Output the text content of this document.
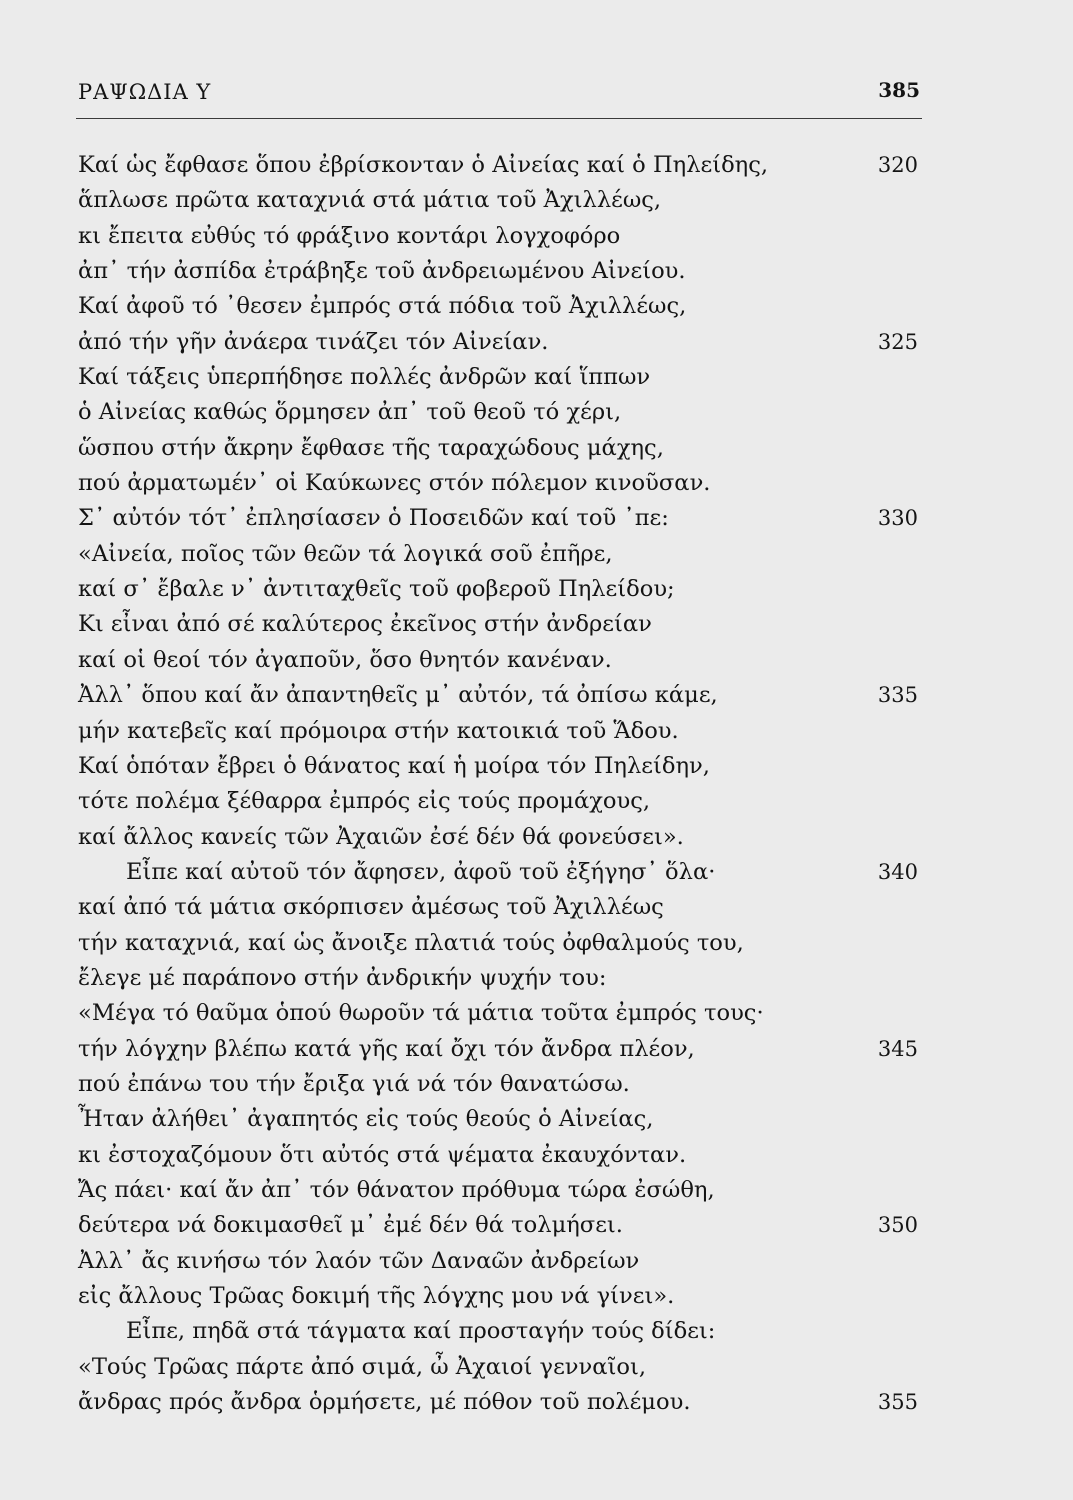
ΡΑΨΩΔΙΑ Υ	385
Καί ὡς ἔφθασε ὅπου ἐβρίσκονταν ὁ Αἰνείας καί ὁ Πηλείδης,	320
ἅπλωσε πρῶτα καταχνιά στά μάτια τοῦ Ἀχιλλέως,
κι ἔπειτα εὐθύς τό φράξινο κοντάρι λογχοφόρο
ἀπ᾽ τήν ἀσπίδα ἐτράβηξε τοῦ ἀνδρειωμένου Αἰνείου.
Καί ἀφοῦ τό ᾽θεσεν ἐμπρός στά πόδια τοῦ Ἀχιλλέως,
ἀπό τήν γῆν ἀνάερα τινάζει τόν Αἰνείαν.	325
Καί τάξεις ὑπερπήδησε πολλές ἀνδρῶν καί ἵππων
ὁ Αἰνείας καθώς ὅρμησεν ἀπ᾽ τοῦ θεοῦ τό χέρι,
ὥσπου στήν ἄκρην ἔφθασε τῆς ταραχώδους μάχης,
πού ἀρματωμέν᾽ οἱ Καύκωνες στόν πόλεμον κινοῦσαν.
Σ᾽ αὐτόν τότ᾽ ἐπλησίασεν ὁ Ποσειδῶν καί τοῦ ᾽πε:	330
«Αἰνεία, ποῖος τῶν θεῶν τά λογικά σοῦ ἐπῆρε,
καί σ᾽ ἔβαλε ν᾽ ἀντιταχθεῖς τοῦ φοβεροῦ Πηλείδου;
Κι εἶναι ἀπό σέ καλύτερος ἐκεῖνος στήν ἀνδρείαν
καί οἱ θεοί τόν ἀγαποῦν, ὅσο θνητόν κανέναν.
Ἀλλ᾽ ὅπου καί ἄν ἀπαντηθεῖς μ᾽ αὐτόν, τά ὀπίσω κάμε,	335
μήν κατεβεῖς καί πρόμοιρα στήν κατοικιά τοῦ Ἅδου.
Καί ὁπόταν ἔβρει ὁ θάνατος καί ἡ μοίρα τόν Πηλείδην,
τότε πολέμα ξέθαρρα ἐμπρός εἰς τούς προμάχους,
καί ἄλλος κανείς τῶν Ἀχαιῶν ἐσέ δέν θά φονεύσει».
Εἶπε καί αὐτοῦ τόν ἄφησεν, ἀφοῦ τοῦ ἐξήγησ᾽ ὅλα·	340
καί ἀπό τά μάτια σκόρπισεν ἀμέσως τοῦ Ἀχιλλέως
τήν καταχνιά, καί ὡς ἄνοιξε πλατιά τούς ὀφθαλμούς του,
ἔλεγε μέ παράπονο στήν ἀνδρικήν ψυχήν του:
«Μέγα τό θαῦμα ὁπού θωροῦν τά μάτια τοῦτα ἐμπρός τους·
τήν λόγχην βλέπω κατά γῆς καί ὄχι τόν ἄνδρα πλέον,	345
πού ἐπάνω του τήν ἔριξα γιά νά τόν θανατώσω.
Ἦταν ἀλήθει᾽ ἀγαπητός εἰς τούς θεούς ὁ Αἰνείας,
κι ἐστοχαζόμουν ὅτι αὐτός στά ψέματα ἐκαυχόνταν.
Ἄς πάει· καί ἄν ἀπ᾽ τόν θάνατον πρόθυμα τώρα ἐσώθη,
δεύτερα νά δοκιμασθεῖ μ᾽ ἐμέ δέν θά τολμήσει.	350
Ἀλλ᾽ ἄς κινήσω τόν λαόν τῶν Δαναῶν ἀνδρείων
εἰς ἄλλους Τρῶας δοκιμή τῆς λόγχης μου νά γίνει».
Εἶπε, πηδᾶ στά τάγματα καί προσταγήν τούς δίδει:
«Τούς Τρῶας πάρτε ἀπό σιμά, ὦ Ἀχαιοί γενναῖοι,
ἄνδρας πρός ἄνδρα ὁρμήσετε, μέ πόθον τοῦ πολέμου.	355
